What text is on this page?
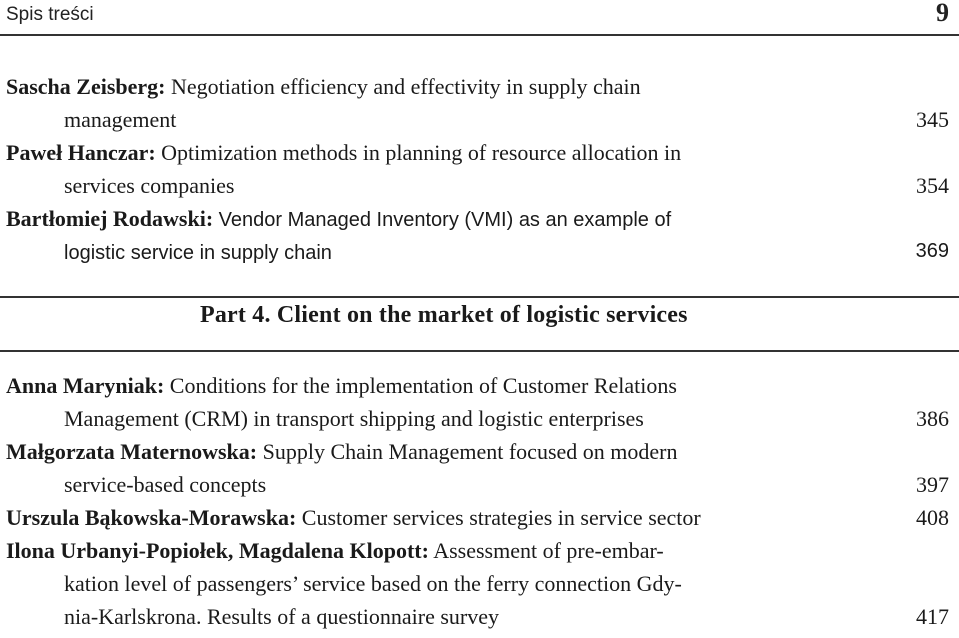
Spis treści	9
Sascha Zeisberg: Negotiation efficiency and effectivity in supply chain
management	345
Paweł Hanczar: Optimization methods in planning of resource allocation in
services companies	354
Bartłomiej Rodawski: Vendor Managed Inventory (VMI) as an example of
logistic service in supply chain	369
Part 4. Client on the market of logistic services
Anna Maryniak: Conditions for the implementation of Customer Relations
Management (CRM) in transport shipping and logistic enterprises	386
Małgorzata Maternowska: Supply Chain Management focused on modern
service-based concepts	397
Urszula Bąkowska-Morawska: Customer services strategies in service sector	408
Ilona Urbanyi-Popiołek, Magdalena Klopott: Assessment of pre-embar-
kation level of passengers’ service based on the ferry connection Gdy-
nia-Karlskrona. Results of a questionnaire survey	417
